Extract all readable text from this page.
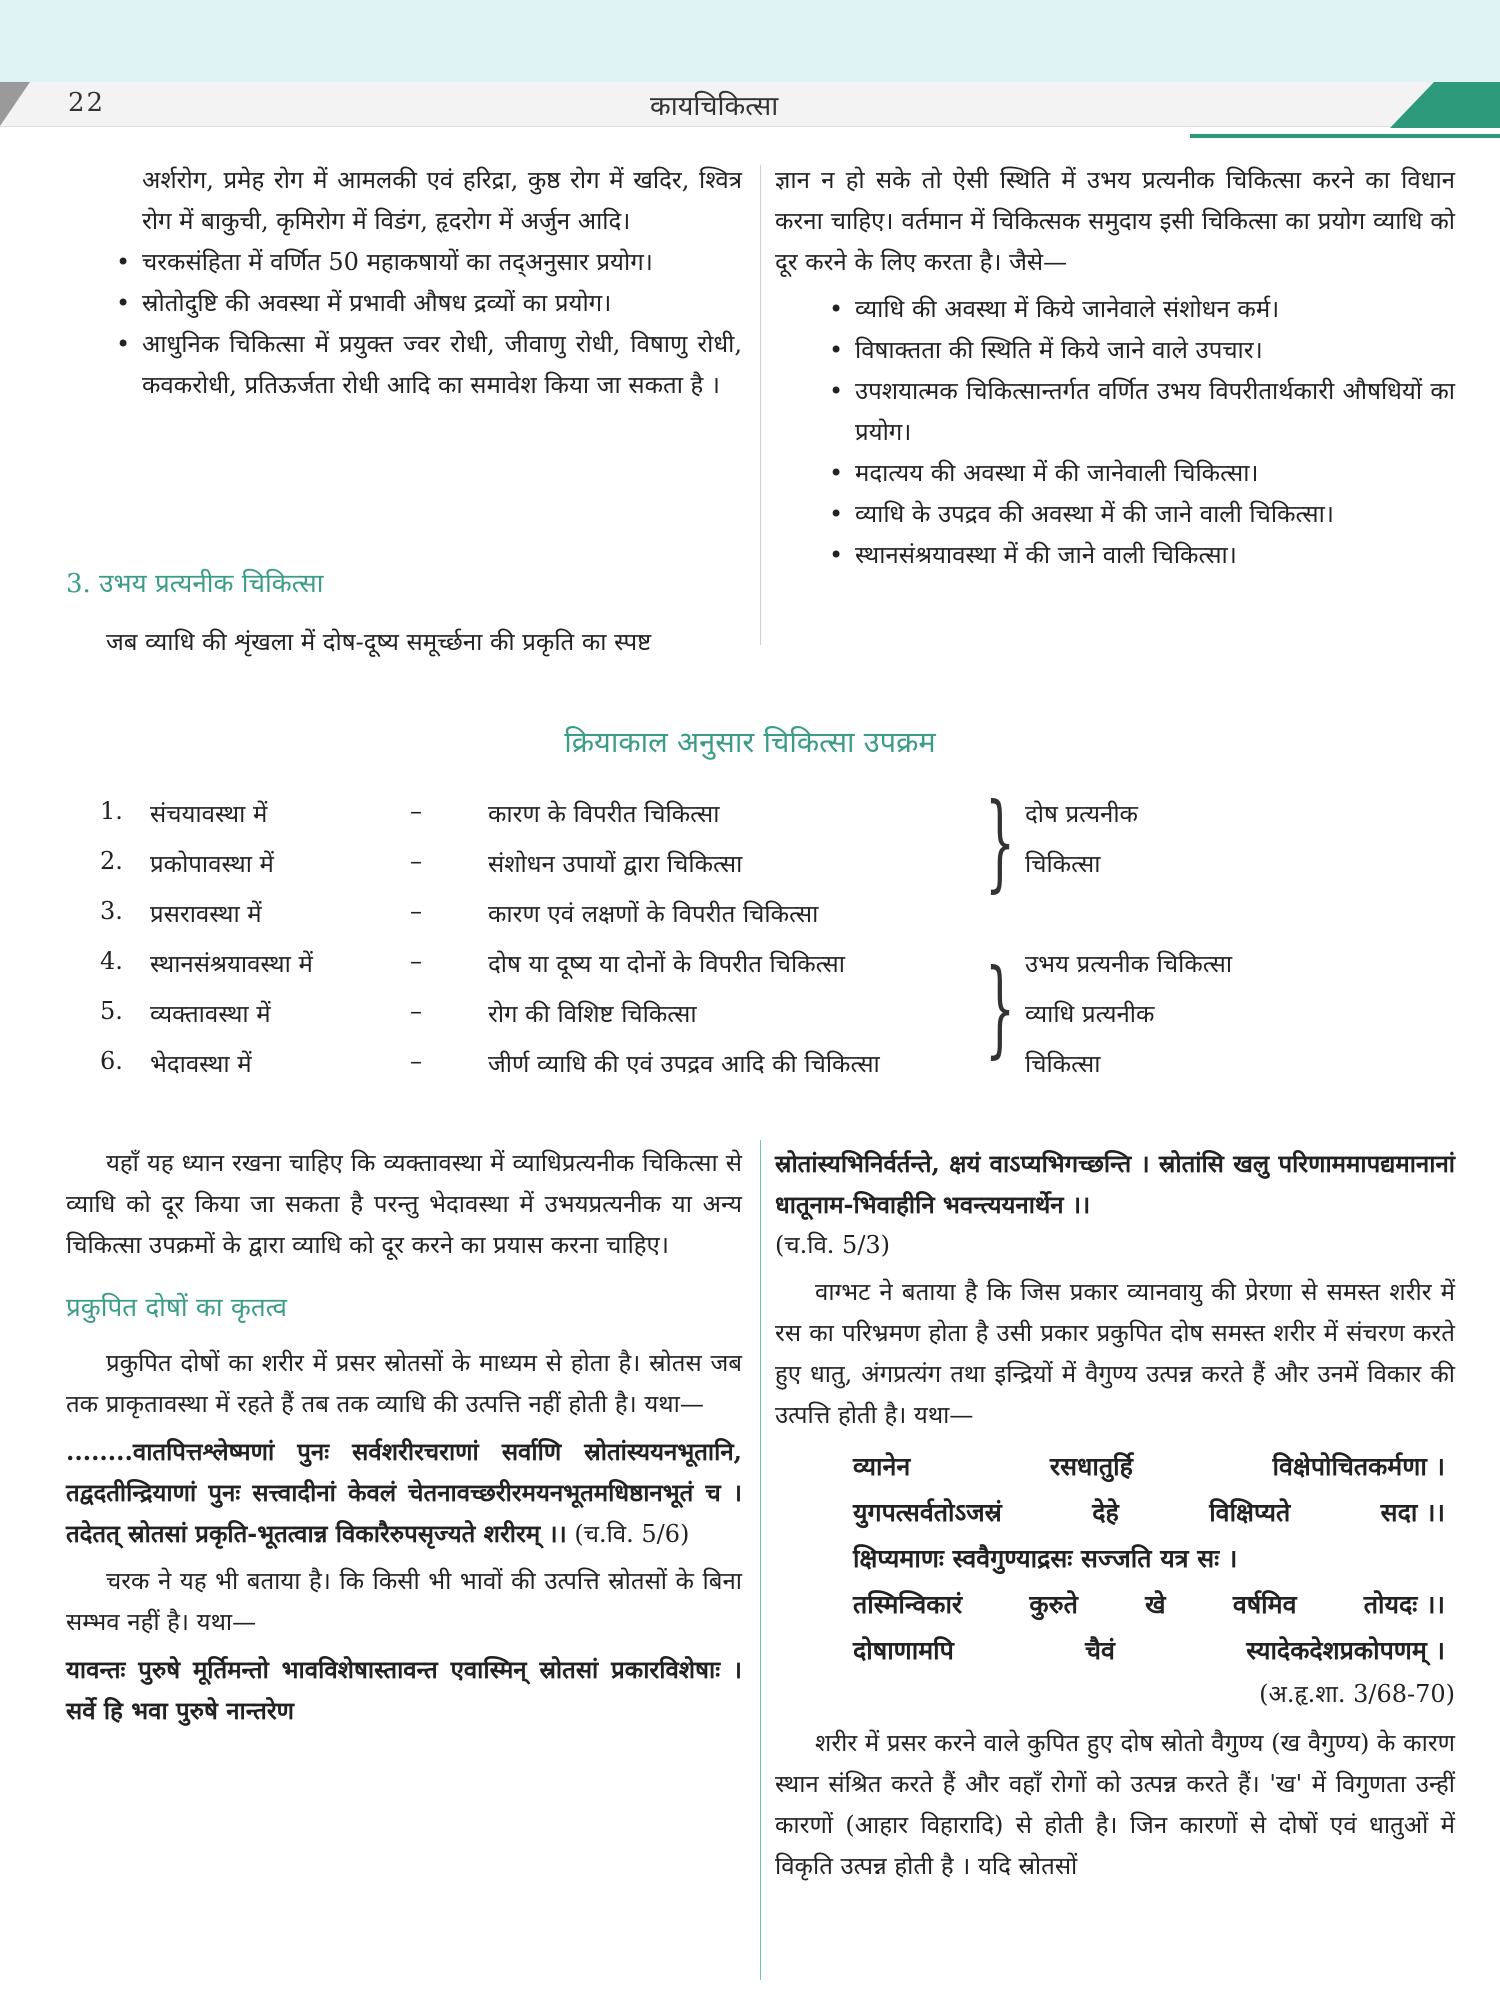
22	कायचिकित्सा

अर्शरोग, प्रमेह रोग में आमलकी एवं हरिद्रा, कुष्ठ रोग में खदिर, श्वित्र रोग में बाकुची, कृमिरोग में विडंग, हृदरोग में अर्जुन आदि।

• चरकसंहिता में वर्णित 50 महाकषायों का तद्अनुसार प्रयोग।
• स्रोतोदुष्टि की अवस्था में प्रभावी औषध द्रव्यों का प्रयोग।
• आधुनिक चिकित्सा में प्रयुक्त ज्वर रोधी, जीवाणु रोधी, विषाणु रोधी, कवकरोधी, प्रतिऊर्जता रोधी आदि का समावेश किया जा सकता है ।
3. उभय प्रत्यनीक चिकित्सा

जब व्याधि की शृंखला में दोष-दूष्य समूर्च्छना की प्रकृति का स्पष्ट

ज्ञान न हो सके तो ऐसी स्थिति में उभय प्रत्यनीक चिकित्सा करने का विधान करना चाहिए। वर्तमान में चिकित्सक समुदाय इसी चिकित्सा का प्रयोग व्याधि को दूर करने के लिए करता है। जैसे—

• व्याधि की अवस्था में किये जानेवाले संशोधन कर्म।
• विषाक्तता की स्थिति में किये जाने वाले उपचार।
• उपशयात्मक चिकित्सान्तर्गत वर्णित उभय विपरीतार्थकारी औषधियों का प्रयोग।
• मदात्यय की अवस्था में की जानेवाली चिकित्सा।
• व्याधि के उपद्रव की अवस्था में की जाने वाली चिकित्सा।
• स्थानसंश्रयावस्था में की जाने वाली चिकित्सा।
क्रियाकाल अनुसार चिकित्सा उपक्रम
1. संचयावस्था में	–	कारण के विपरीत चिकित्सा
2. प्रकोपावस्था में	–	संशोधन उपायों द्वारा चिकित्सा
3. प्रसरावस्था में	–	कारण एवं लक्षणों के विपरीत चिकित्सा
4. स्थानसंश्रयावस्था में	–	दोष या दूष्य या दोनों के विपरीत चिकित्सा
5. व्यक्तावस्था में	–	रोग की विशिष्ट चिकित्सा
6. भेदावस्था में	–	जीर्ण व्याधि की एवं उपद्रव आदि की चिकित्सा
}
}
दोष प्रत्यनीक
चिकित्सा
उभय प्रत्यनीक चिकित्सा
व्याधि प्रत्यनीक
चिकित्सा

यहाँ यह ध्यान रखना चाहिए कि व्यक्तावस्था में व्याधिप्रत्यनीक चिकित्सा से व्याधि को दूर किया जा सकता है परन्तु भेदावस्था में उभयप्रत्यनीक या अन्य चिकित्सा उपक्रमों के द्वारा व्याधि को दूर करने का प्रयास करना चाहिए।

प्रकुपित दोषों का कृतत्व

प्रकुपित दोषों का शरीर में प्रसर स्रोतसों के माध्यम से होता है। स्रोतस जब तक प्राकृतावस्था में रहते हैं तब तक व्याधि की उत्पत्ति नहीं होती है। यथा—

........वातपित्तश्लेष्मणां पुनः सर्वशरीरचराणां सर्वाणि स्रोतांस्ययनभूतानि, तद्वदतीन्द्रियाणां पुनः सत्त्वादीनां केवलं चेतनावच्छरीरमयनभूतमधिष्ठानभूतं च । तदेतत् स्रोतसां प्रकृति-भूतत्वान्न विकारैरुपसृज्यते शरीरम् ।। (च.वि. 5/6)

चरक ने यह भी बताया है। कि किसी भी भावों की उत्पत्ति स्रोतसों के बिना सम्भव नहीं है। यथा—

यावन्तः पुरुषे मूर्तिमन्तो भावविशेषास्तावन्त एवास्मिन् स्रोतसां प्रकारविशेषाः । सर्वे हि भवा पुरुषे नान्तरेण

स्रोतांस्यभिनिर्वर्तन्ते, क्षयं वाऽप्यभिगच्छन्ति । स्रोतांसि खलु परिणाममापद्यमानानां धातूनाम-भिवाहीनि भवन्त्ययनार्थेन ।।

(च.वि. 5/3)

वाग्भट ने बताया है कि जिस प्रकार व्यानवायु की प्रेरणा से समस्त शरीर में रस का परिभ्रमण होता है उसी प्रकार प्रकुपित दोष समस्त शरीर में संचरण करते हुए धातु, अंगप्रत्यंग तथा इन्द्रियों में वैगुण्य उत्पन्न करते हैं और उनमें विकार की उत्पत्ति होती है। यथा—

व्यानेन	रसधातुर्हि	विक्षेपोचितकर्मणा ।
युगपत्सर्वतोऽजस्रं	देहे	विक्षिप्यते	सदा ।।
क्षिप्यमाणः स्ववैगुण्याद्रसः सज्जति यत्र सः ।
तस्मिन्विकारं	कुरुते	खे	वर्षमिव	तोयदः ।।
दोषाणामपि	चैवं	स्यादेकदेशप्रकोपणम् ।

(अ.हृ.शा. 3/68-70)

शरीर में प्रसर करने वाले कुपित हुए दोष स्रोतो वैगुण्य (ख वैगुण्य) के कारण स्थान संश्रित करते हैं और वहाँ रोगों को उत्पन्न करते हैं। 'ख' में विगुणता उन्हीं कारणों (आहार विहारादि) से होती है। जिन कारणों से दोषों एवं धातुओं में विकृति उत्पन्न होती है । यदि स्रोतसों
